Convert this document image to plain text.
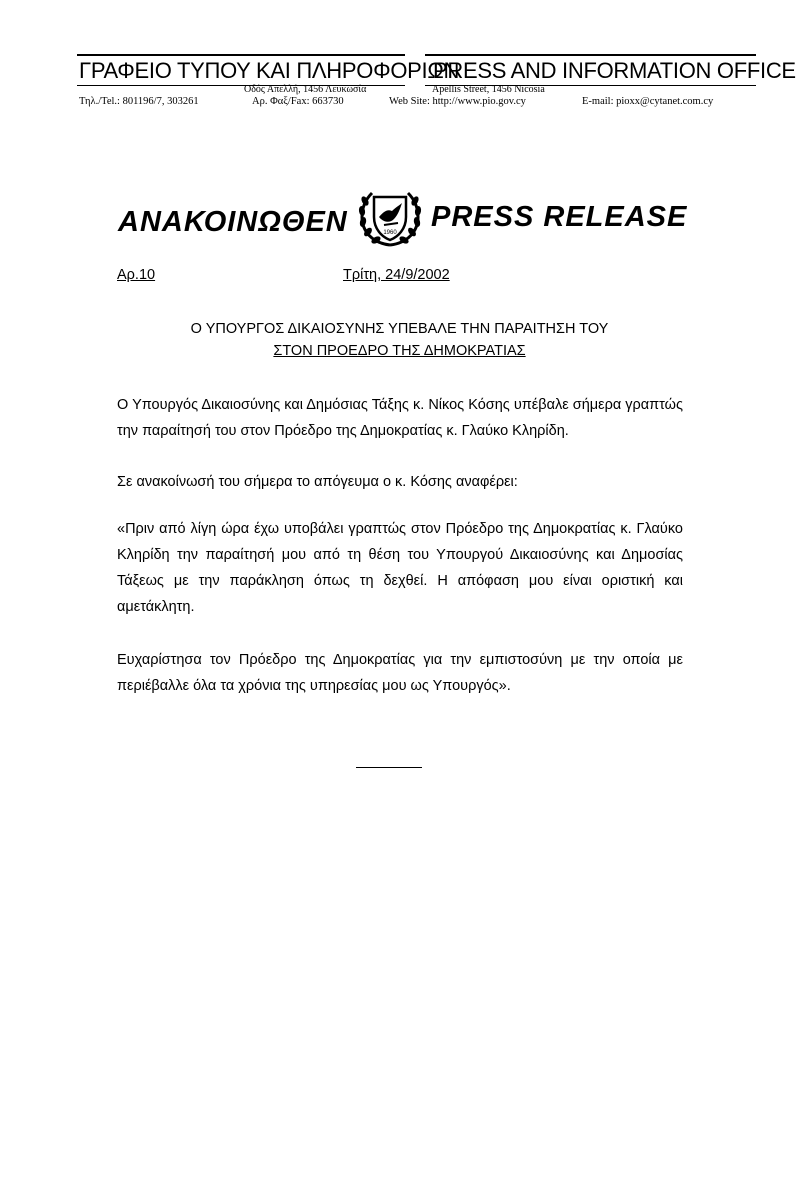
ΓΡΑΦΕΙΟ ΤΥΠΟΥ ΚΑΙ ΠΛΗΡΟΦΟΡΙΩΝ
PRESS AND INFORMATION OFFICE
Οδός Απελλή, 1456 Λευκωσία	Apellis Street, 1456 Nicosia
Τηλ./Tel.: 801196/7, 303261	Αρ. Φαξ/Fax: 663730	Web Site: http://www.pio.gov.cy	E-mail: pioxx@cytanet.com.cy
ΑΝΑΚΟΙΝΩΘΕΝ	1960 PRESS RELEASE
Αρ.10	Τρίτη, 24/9/2002
Ο ΥΠΟΥΡΓΟΣ ΔΙΚΑΙΟΣΥΝΗΣ ΥΠΕΒΑΛΕ ΤΗΝ ΠΑΡΑΙΤΗΣΗ ΤΟΥ
ΣΤΟΝ ΠΡΟΕΔΡΟ ΤΗΣ ΔΗΜΟΚΡΑΤΙΑΣ
Ο Υπουργός Δικαιοσύνης και Δημόσιας Τάξης κ. Νίκος Κόσης υπέβαλε σήμερα γραπτώς την παραίτησή του στον Πρόεδρο της Δημοκρατίας κ. Γλαύκο Κληρίδη.
Σε ανακοίνωσή του σήμερα το απόγευμα ο κ. Κόσης αναφέρει:
«Πριν από λίγη ώρα έχω υποβάλει γραπτώς στον Πρόεδρο της Δημοκρατίας κ. Γλαύκο Κληρίδη την παραίτησή μου από τη θέση του Υπουργού Δικαιοσύνης και Δημοσίας Τάξεως με την παράκληση όπως τη δεχθεί. Η απόφαση μου είναι οριστική και αμετάκλητη.
Ευχαρίστησα τον Πρόεδρο της Δημοκρατίας για την εμπιστοσύνη με την οποία με περιέβαλλε όλα τα χρόνια της υπηρεσίας μου ως Υπουργός».
